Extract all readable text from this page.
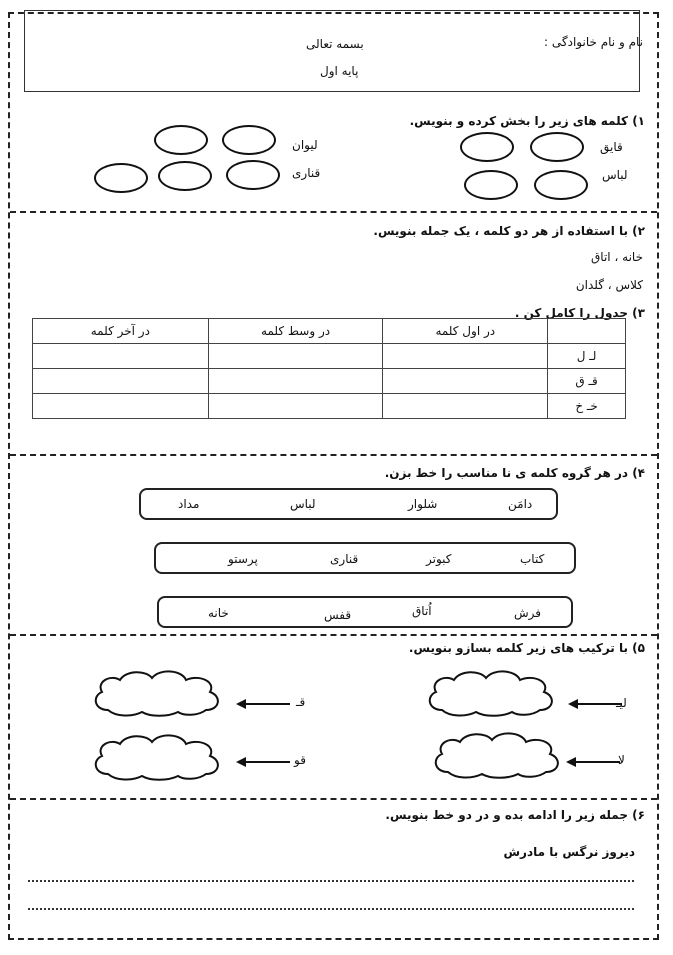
نام و نام خانوادگی :
بسمه تعالی
پایه اول
۱) کلمه های زیر را بخش کرده و بنویس.
قایق
لباس
لیوان
قناری
۲) با استفاده از هر دو کلمه ، یک جمله بنویس.
خانه ، اتاق
کلاس ، گلدان
۳) جدول را کامل کن .
	در اول کلمه	در وسط کلمه	در آخر کلمه
لـ ل			
قـ ق			
خـ خ			
۴) در هر گروه کلمه ی نا مناسب را خط بزن.
دامَن
شلوار
لباس
مداد
کتاب
کبوتر
قناری
پرستو
فرش
اُتاق
قفس
خانه
۵) با ترکیب های زیر کلمه بسازو بنویس.
لیـ
قـ
لا
قو
۶) جمله زیر را ادامه بده و در دو خط بنویس.
دیروز نرگس با مادرش
